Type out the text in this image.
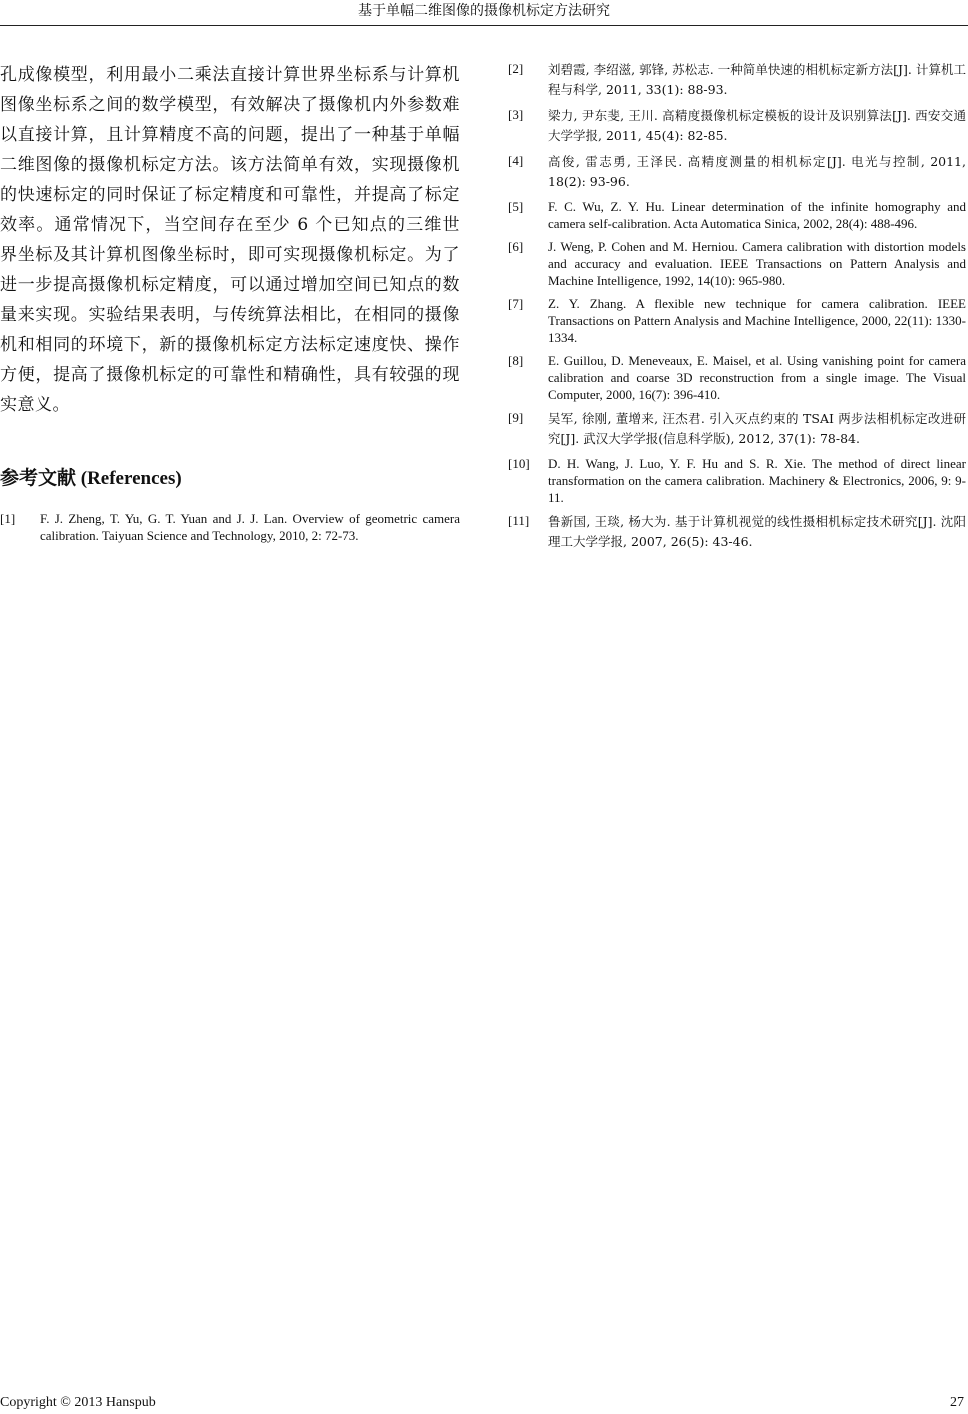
基于单幅二维图像的摄像机标定方法研究

孔成像模型，利用最小二乘法直接计算世界坐标系与计算机图像坐标系之间的数学模型，有效解决了摄像机内外参数难以直接计算，且计算精度不高的问题，提出了一种基于单幅二维图像的摄像机标定方法。该方法简单有效，实现摄像机的快速标定的同时保证了标定精度和可靠性，并提高了标定效率。通常情况下，当空间存在至少 6 个已知点的三维世界坐标及其计算机图像坐标时，即可实现摄像机标定。为了进一步提高摄像机标定精度，可以通过增加空间已知点的数量来实现。实验结果表明，与传统算法相比，在相同的摄像机和相同的环境下，新的摄像机标定方法标定速度快、操作方便，提高了摄像机标定的可靠性和精确性，具有较强的现实意义。

参考文献 (References)
[1]	F. J. Zheng, T. Yu, G. T. Yuan and J. J. Lan. Overview of geometric camera calibration. Taiyuan Science and Technology, 2010, 2: 72-73.
[2]	刘碧霞, 李绍滋, 郭锋, 苏松志. 一种简单快速的相机标定新方法[J]. 计算机工程与科学, 2011, 33(1): 88-93.
[3]	梁力, 尹东斐, 王川. 高精度摄像机标定模板的设计及识别算法[J]. 西安交通大学学报, 2011, 45(4): 82-85.
[4]	高俊, 雷志勇, 王泽民. 高精度测量的相机标定[J]. 电光与控制, 2011, 18(2): 93-96.
[5]	F. C. Wu, Z. Y. Hu. Linear determination of the infinite homography and camera self-calibration. Acta Automatica Sinica, 2002, 28(4): 488-496.
[6]	J. Weng, P. Cohen and M. Herniou. Camera calibration with distortion models and accuracy and evaluation. IEEE Transactions on Pattern Analysis and Machine Intelligence, 1992, 14(10): 965-980.
[7]	Z. Y. Zhang. A flexible new technique for camera calibration. IEEE Transactions on Pattern Analysis and Machine Intelligence, 2000, 22(11): 1330-1334.
[8]	E. Guillou, D. Meneveaux, E. Maisel, et al. Using vanishing point for camera calibration and coarse 3D reconstruction from a single image. The Visual Computer, 2000, 16(7): 396-410.
[9]	吴军, 徐刚, 董增来, 汪杰君. 引入灭点约束的 TSAI 两步法相机标定改进研究[J]. 武汉大学学报(信息科学版), 2012, 37(1): 78-84.
[10]	D. H. Wang, J. Luo, Y. F. Hu and S. R. Xie. The method of direct linear transformation on the camera calibration. Machinery & Electronics, 2006, 9: 9-11.
[11]	鲁新国, 王琰, 杨大为. 基于计算机视觉的线性摄相机标定技术研究[J]. 沈阳理工大学学报, 2007, 26(5): 43-46.
Copyright © 2013 Hanspub	27
